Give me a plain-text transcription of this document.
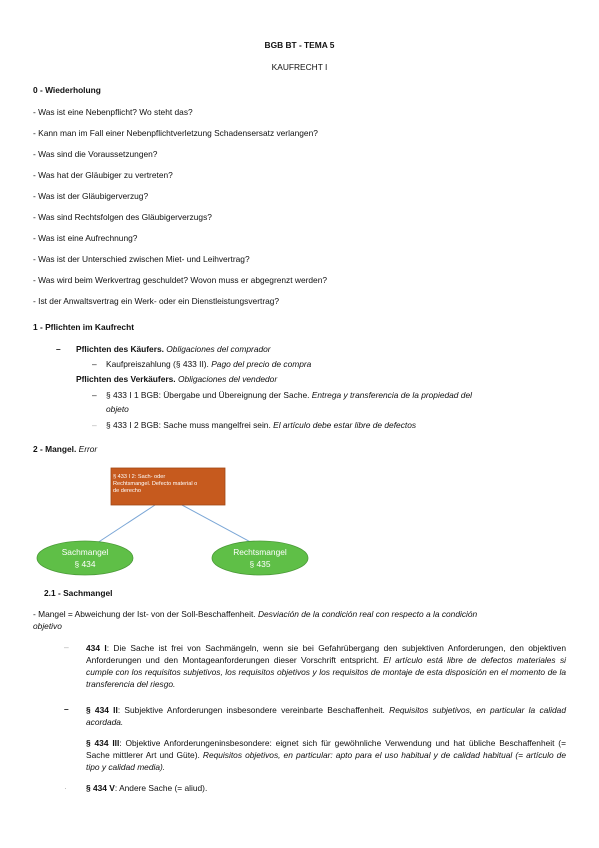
BGB BT - TEMA 5
KAUFRECHT I
0 - Wiederholung
- Was ist eine Nebenpflicht? Wo steht das?
- Kann man im Fall einer Nebenpflichtverletzung Schadensersatz verlangen?
- Was sind die Voraussetzungen?
- Was hat der Gläubiger zu vertreten?
- Was ist der Gläubigerverzug?
- Was sind Rechtsfolgen des Gläubigerverzugs?
- Was ist eine Aufrechnung?
- Was ist der Unterschied zwischen Miet- und Leihvertrag?
- Was wird beim Werkvertrag geschuldet? Wovon muss er abgegrenzt werden?
- Ist der Anwaltsvertrag ein Werk- oder ein Dienstleistungsvertrag?
1 - Pflichten im Kaufrecht
– Pflichten des Käufers. Obligaciones del comprador
– Kaufpreiszahlung (§ 433 II). Pago del precio de compra
Pflichten des Verkäufers. Obligaciones del vendedor
– § 433 I 1 BGB: Übergabe und Übereignung der Sache. Entrega y transferencia de la propiedad del
objeto
– § 433 I 2 BGB: Sache muss mangelfrei sein. El artículo debe estar libre de defectos
2 - Mangel. Error
§ 433 I 2: Sach- oder
Rechtsmangel. Defecto material o
de derecho
Sachmangel
§ 434
Rechtsmangel
§ 435
2.1 - Sachmangel
- Mangel = Abweichung der Ist- von der Soll-Beschaffenheit. Desviación de la condición real con respecto a la condición
objetivo
– 434 I: Die Sache ist frei von Sachmängeln, wenn sie bei Gefahrübergang den subjektiven Anforderungen, den objektiven Anforderungen und den Montageanforderungen dieser Vorschrift entspricht. El artículo está libre de defectos materiales si cumple con los requisitos subjetivos, los requisitos objetivos y los requisitos de montaje de esta disposición en el momento de la transferencia del riesgo.
– § 434 II: Subjektive Anforderungen insbesondere vereinbarte Beschaffenheit. Requisitos subjetivos, en particular la calidad acordada.
§ 434 III: Objektive Anforderungeninsbesondere: eignet sich für gewöhnliche Verwendung und hat übliche Beschaffenheit (= Sache mittlerer Art und Güte). Requisitos objetivos, en particular: apto para el uso habitual y de calidad habitual (= artículo de tipo y calidad media).
· § 434 V: Andere Sache (= aliud).
